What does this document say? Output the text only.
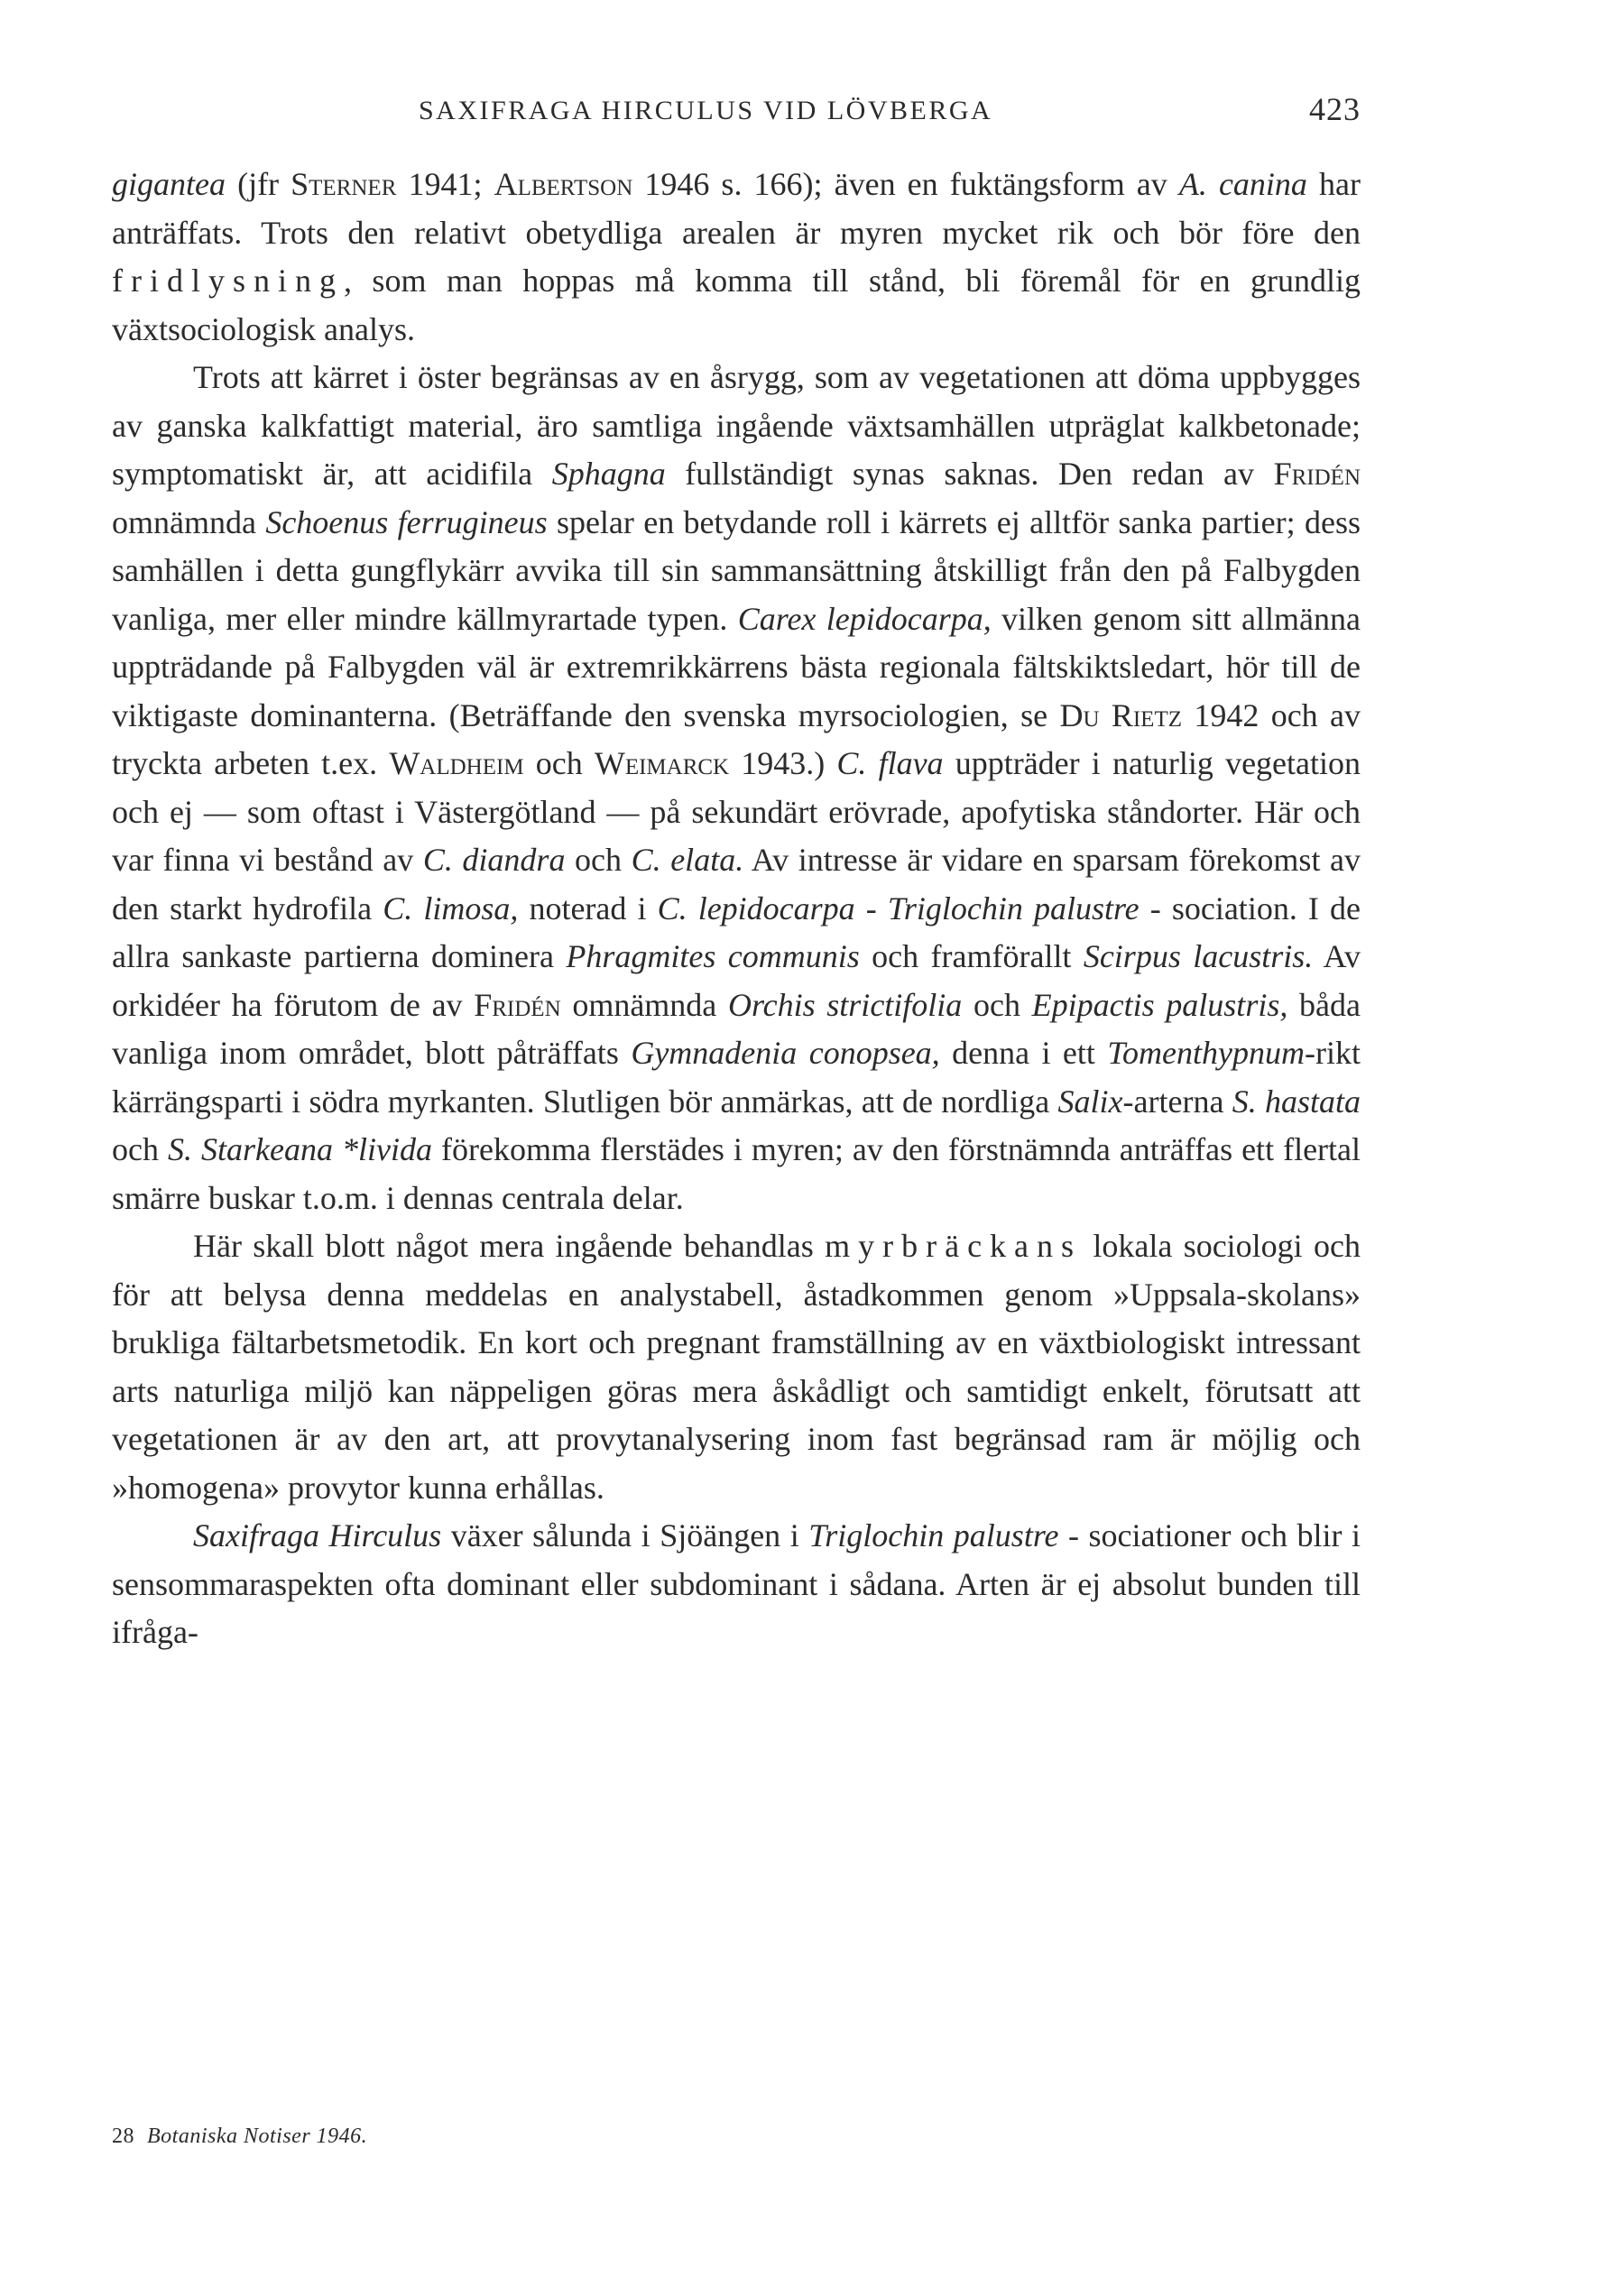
SAXIFRAGA HIRCULUS VID LÖVBERGA	423

gigantea (jfr Sterner 1941; Albertson 1946 s. 166); även en fuktängsform av A. canina har anträffats. Trots den relativt obetydliga arealen är myren mycket rik och bör före den fridlysning, som man hoppas må komma till stånd, bli föremål för en grundlig växtsociologisk analys.

Trots att kärret i öster begränsas av en åsrygg, som av vegetationen att döma uppbygges av ganska kalkfattigt material, äro samtliga ingående växtsamhällen utpräglat kalkbetonade; symptomatiskt är, att acidifila Sphagna fullständigt synas saknas. Den redan av Fridén omnämnda Schoenus ferrugineus spelar en betydande roll i kärrets ej alltför sanka partier; dess samhällen i detta gungflykärr avvika till sin sammansättning åtskilligt från den på Falbygden vanliga, mer eller mindre källmyrartade typen. Carex lepidocarpa, vilken genom sitt allmänna uppträdande på Falbygden väl är extremrikkärrens bästa regionala fältskiktsledart, hör till de viktigaste dominanterna. (Beträffande den svenska myrsociologien, se Du Rietz 1942 och av tryckta arbeten t.ex. Waldheim och Weimarck 1943.) C. flava uppträder i naturlig vegetation och ej — som oftast i Västergötland — på sekundärt erövrade, apofytiska ståndorter. Här och var finna vi bestånd av C. diandra och C. elata. Av intresse är vidare en sparsam förekomst av den starkt hydrofila C. limosa, noterad i C. lepidocarpa - Triglochin palustre - sociation. I de allra sankaste partierna dominera Phragmites communis och framförallt Scirpus lacustris. Av orkidéer ha förutom de av Fridén omnämnda Orchis strictifolia och Epipactis palustris, båda vanliga inom området, blott påträffats Gymnadenia conopsea, denna i ett Tomenthypnum-rikt kärrängsparti i södra myrkanten. Slutligen bör anmärkas, att de nordliga Salix-arterna S. hastata och S. Starkeana *livida förekomma flerstädes i myren; av den förstnämnda anträffas ett flertal smärre buskar t.o.m. i dennas centrala delar.

Här skall blott något mera ingående behandlas myrbräckans lokala sociologi och för att belysa denna meddelas en analystabell, åstadkommen genom »Uppsala-skolans» brukliga fältarbetsmetodik. En kort och pregnant framställning av en växtbiologiskt intressant arts naturliga miljö kan näppeligen göras mera åskådligt och samtidigt enkelt, förutsatt att vegetationen är av den art, att provytanalysering inom fast begränsad ram är möjlig och »homogena» provytor kunna erhållas.

Saxifraga Hirculus växer sålunda i Sjöängen i Triglochin palustre - sociationer och blir i sensommaraspekten ofta dominant eller subdominant i sådana. Arten är ej absolut bunden till ifråga-

28 Botaniska Notiser 1946.
